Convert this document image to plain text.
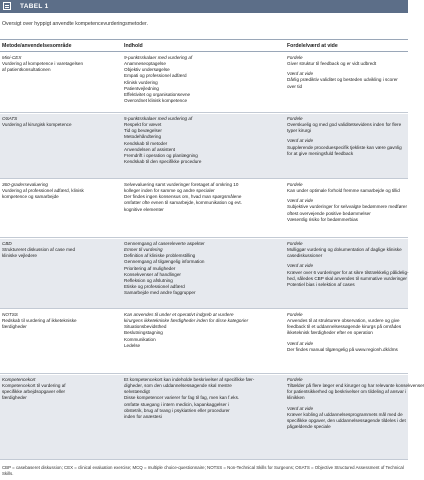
TABEL 1
Oversigt over hyppigt anvendte kompetencevurderingsmetoder.
Metode/anvendelsesområde	Indhold	Fordele/værd at vide
Mini-CEX
Vurdering af kompetence i varetagelsen
af patientkonsultationen
9-punktsskalaer med vurdering af
Anamneseoptagelse
Objektiv undersøgelse
Empati og professionel adfærd
Klinisk vurdering
Patientvejledning
Effektivitet og organisationsevne
Overordnet klinisk kompetence
Fordele
Giver struktur til feedback og er vidt udbredt
Værd at vide
Dårlig prædiktiv validitet og besteden udvikling i scorer
over tid
OSATS
Vurdering af kirurgisk kompetence
5-punktsskalaer med vurdering af
Respekt for vævet
Tid og bevægelser
Metodehåndtering
Kendskab til metoder
Anvendelsen af assistent
Fremdrift i operation og planlægning
Kendskab til den specifikke procedure
Fordele
Overskuelig og med god validitetsevidens inden for flere
typer kirurgi
Værd at vide
Supplerende proceduespecifik tjekliste kan være gavnlig
for at give meningsfuld feedback
360-gradersevaluering
Vurdering af professionel adfærd, klinisk
kompetence og samarbejde
Selvevaluering samt vurderinger foretaget af omkring 10
kolleger inden for samme og andre specialer
Der findes ingen konsensus om, hvad man spørgsmålene
omfatter ofte evnen til samarbejde, kommunikation og evt.
kognitive elementer
Fordele
Kan under optimale forhold fremme samarbejde og tillid
Værd at vide
Subjektive vurderinger for selvvalgte bedømmere medfører
oftest overvejende positive bedømmelser
Væsentlig risiko for bedømmerbias
CBD
Struktureret diskussion af case med
kliniske vejledere
Gennemgang af casereleverte aspekter
Emner til vurdering
Definition af kliniske problemstilling
Gennemgang af tilgængelig information
Prioritering af muligheder
Konsekvenser af handlinger
Refleksion og afslutning
Etiske og professionel adfærd
Samarbejde med andre faggrupper
Fordele
Mulliggør vurdering og dokumentation af daglige kliniske
casediskussioner
Værd at vide
Kræver over 6 vurderinger for at sikre tilstrækkelig pålidelig-
hed, således CBP skal anvendes til summative vurderinger
Potentiel bias i selektion af cases
NOTSS
Redskab til vurdering af ikketekniske
færdigheder
Kan anvendes til under et operativt indgreb at vurdere
kirurgens ikketekniske færdigheder inden for disse kategorier
Situationsbevidsthed
Beslutningstagning
Kommunikation
Ledelse
Fordele
Anvendes til at strukturere observation, vurdere og give
feedback til et uddannelsessøgende kirurgs på områdes
ikketeknisk færdigheder efter en operation
Værd at vide
Der findes manual tilgængelig på www.regionh.dk/dms
Kompetencekort
Kompetencekort til vurdering af
specifikke arbejdsopgaver eller
færdigheder
Et kompetencekort kan indeholde beskrivelser af specifikke fær-
digheder, som den uddannelsessøgende skal mestre
selvstændigt
Disse kompetencer varierer for fag til fag, men kan f.eks.
omfatte stuegang i intern medicin, kapankaggelser i
obstetrik, brug af tvang i psykiatrien eller procedurer
inden for anæstesi
Fordele
Tiltælder på flere læger end kirurger og har relevante konsekvenser
for patientsikkerhed og beskrivelser om tildeling af ansvar i
klinikken
Værd at vide
Kræver kobling af uddannelsesprogrammets mål med de
specifikke opgaver, den uddannelsessøgende tildeles i det
pågældende speciale
CBP = casebaseret diskussion; CEX = clinical evaluation exercise; MCQ = multiple choice-questionnaire; NOTSS = Non-Technical Skills for Surgeons; OSATS = Objective Structured Assessment of Technical Skills.
